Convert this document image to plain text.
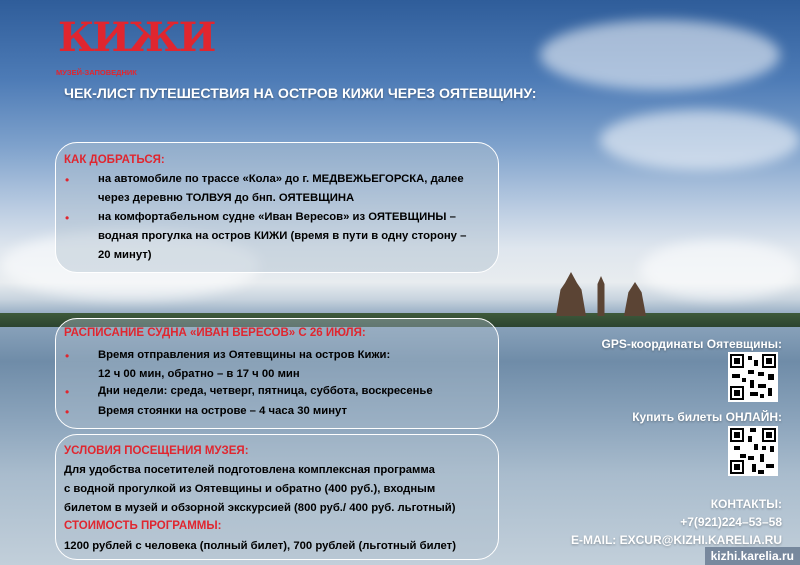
КИЖИ
МУЗЕЙ-ЗАПОВЕДНИК
ЧЕК-ЛИСТ ПУТЕШЕСТВИЯ НА ОСТРОВ КИЖИ ЧЕРЕЗ ОЯТЕВЩИНУ:
КАК ДОБРАТЬСЯ:
•	на автомобиле по трассе «Кола» до г. МЕДВЕЖЬЕГОРСКА, далее
через деревню ТОЛВУЯ до бнп. ОЯТЕВЩИНА
•	на комфортабельном судне «Иван Вересов» из ОЯТЕВЩИНЫ –
водная прогулка на остров КИЖИ (время в пути в одну сторону –
20 минут)
РАСПИСАНИЕ СУДНА «ИВАН ВЕРЕСОВ» С 26 ИЮЛЯ:
•	Время отправления из Оятевщины на остров Кижи:
12 ч 00 мин, обратно – в 17 ч 00 мин
•	Дни недели: среда, четверг, пятница, суббота, воскресенье
•	Время стоянки на острове – 4 часа 30 минут
УСЛОВИЯ ПОСЕЩЕНИЯ МУЗЕЯ:
Для удобства посетителей подготовлена комплексная программа
с водной прогулкой из Оятевщины и обратно (400 руб.), входным
билетом в музей и обзорной экскурсией (800 руб./ 400 руб. льготный)
СТОИМОСТЬ ПРОГРАММЫ:
1200 рублей с человека (полный билет), 700 рублей (льготный билет)
GPS-координаты Оятевщины:
Купить билеты ОНЛАЙН:
КОНТАКТЫ:
+7(921)224–53–58
E-MAIL: EXCUR@KIZHI.KARELIA.RU
kizhi.karelia.ru
